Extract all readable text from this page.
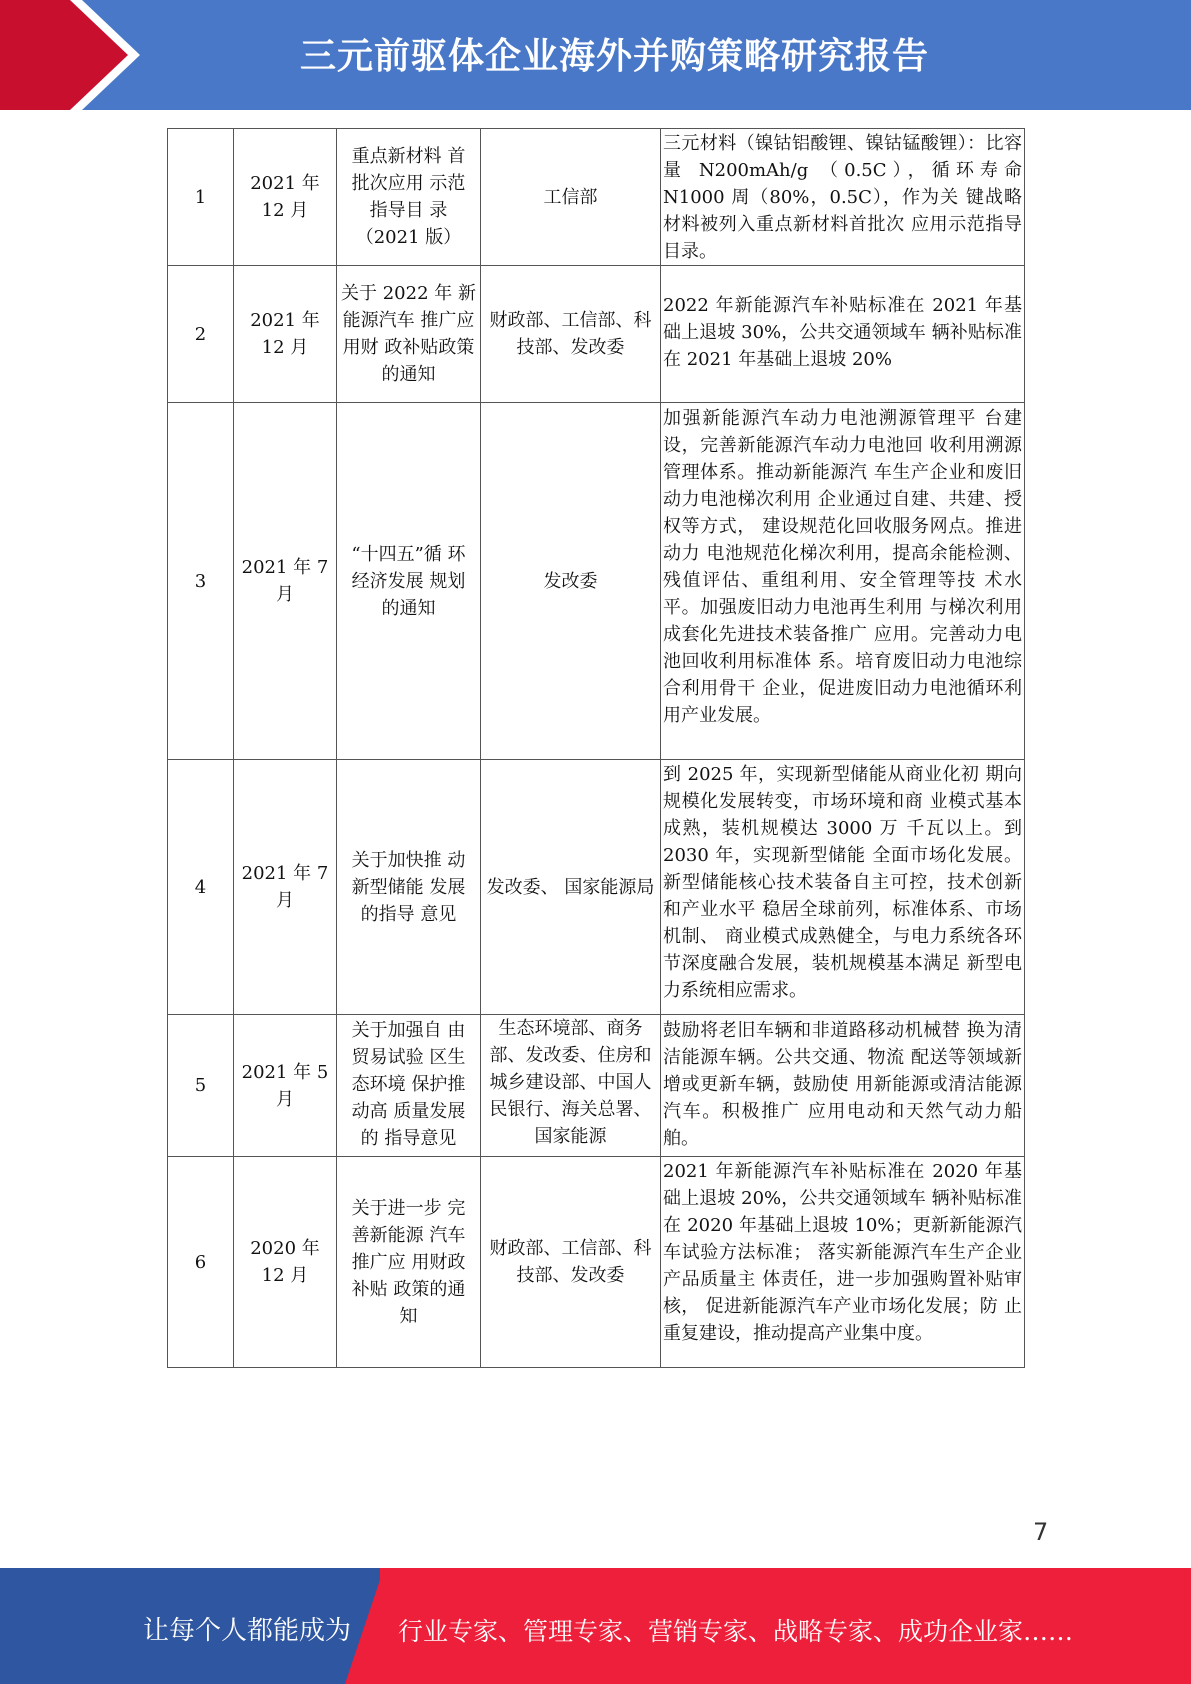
三元前驱体企业海外并购策略研究报告
1	2021 年 12 月	重点新材料 首批次应用 示范指导目 录（2021 版）	工信部	三元材料（镍钴铝酸锂、镍钴锰酸锂）：比容量 N200mAh/g （0.5C），循环寿命 N1000 周（80%，0.5C），作为关 键战略材料被列入重点新材料首批次 应用示范指导目录。
2	2021 年 12 月	关于 2022 年 新能源汽车 推广应用财 政补贴政策 的通知	财政部、工信部、科技部、发改委	2022 年新能源汽车补贴标准在 2021 年基础上退坡 30%，公共交通领域车 辆补贴标准在 2021 年基础上退坡 20%

3	2021 年 7 月	“十四五”循 环经济发展 规划的通知	发改委	加强新能源汽车动力电池溯源管理平 台建设，完善新能源汽车动力电池回 收利用溯源管理体系。推动新能源汽 车生产企业和废旧动力电池梯次利用 企业通过自建、共建、授权等方式， 建设规范化回收服务网点。推进动力 电池规范化梯次利用，提高余能检测、 残值评估、重组利用、安全管理等技 术水平。加强废旧动力电池再生利用 与梯次利用成套化先进技术装备推广 应用。完善动力电池回收利用标准体 系。培育废旧动力电池综合利用骨干 企业，促进废旧动力电池循环利用产业发展。

4	2021 年 7 月	关于加快推 动新型储能 发展的指导 意见	发改委、 国家能源局	到 2025 年，实现新型储能从商业化初 期向规模化发展转变，市场环境和商 业模式基本成熟，装机规模达 3000 万 千瓦以上。到 2030 年，实现新型储能 全面市场化发展。新型储能核心技术装备自主可控，技术创新和产业水平 稳居全球前列，标准体系、市场机制、 商业模式成熟健全，与电力系统各环 节深度融合发展，装机规模基本满足 新型电力系统相应需求。

5	2021 年 5 月	关于加强自 由贸易试验 区生态环境 保护推动高 质量发展的 指导意见	生态环境部、商务部、发改委、住房和城乡建设部、中国人民银行、海关总署、国家能源	鼓励将老旧车辆和非道路移动机械替 换为清洁能源车辆。公共交通、物流 配送等领域新增或更新车辆，鼓励使 用新能源或清洁能源汽车。积极推广 应用电动和天然气动力船舶。

6	2020 年 12 月	关于进一步 完善新能源 汽车推广应 用财政补贴 政策的通知	财政部、工信部、科技部、发改委	2021 年新能源汽车补贴标准在 2020 年基础上退坡 20%，公共交通领域车 辆补贴标准在 2020 年基础上退坡 10%；更新新能源汽车试验方法标准； 落实新能源汽车生产企业产品质量主 体责任，进一步加强购置补贴审核， 促进新能源汽车产业市场化发展；防 止重复建设，推动提高产业集中度。
7
让每个人都能成为 行业专家、管理专家、营销专家、战略专家、成功企业家……
